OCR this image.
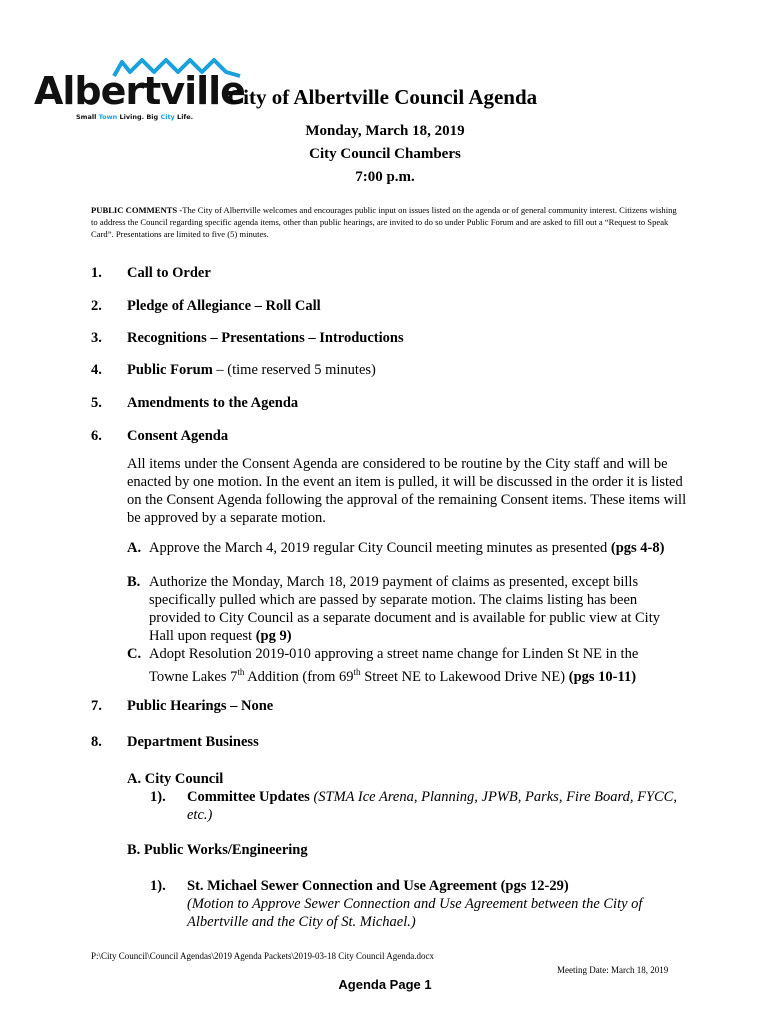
Albertville
Small Town Living. Big City Life.
City of Albertville Council Agenda
Monday, March 18, 2019
City Council Chambers
7:00 p.m.
PUBLIC COMMENTS -The City of Albertville welcomes and encourages public input on issues listed on the agenda or of general community interest. Citizens wishing to address the Council regarding specific agenda items, other than public hearings, are invited to do so under Public Forum and are asked to fill out a “Request to Speak Card”. Presentations are limited to five (5) minutes.
1. Call to Order
2. Pledge of Allegiance – Roll Call
3. Recognitions – Presentations – Introductions
4. Public Forum – (time reserved 5 minutes)
5. Amendments to the Agenda
6. Consent Agenda
All items under the Consent Agenda are considered to be routine by the City staff and will be enacted by one motion. In the event an item is pulled, it will be discussed in the order it is listed on the Consent Agenda following the approval of the remaining Consent items. These items will be approved by a separate motion.
A. Approve the March 4, 2019 regular City Council meeting minutes as presented (pgs 4-8)
B. Authorize the Monday, March 18, 2019 payment of claims as presented, except bills specifically pulled which are passed by separate motion. The claims listing has been provided to City Council as a separate document and is available for public view at City Hall upon request (pg 9)
C. Adopt Resolution 2019-010 approving a street name change for Linden St NE in the Towne Lakes 7th Addition (from 69th Street NE to Lakewood Drive NE) (pgs 10-11)
7. Public Hearings – None
8. Department Business
A. City Council
1). Committee Updates (STMA Ice Arena, Planning, JPWB, Parks, Fire Board, FYCC, etc.)
B. Public Works/Engineering
1). St. Michael Sewer Connection and Use Agreement (pgs 12-29)
(Motion to Approve Sewer Connection and Use Agreement between the City of Albertville and the City of St. Michael.)
P:\City Council\Council Agendas\2019 Agenda Packets\2019-03-18 City Council Agenda.docx
Meeting Date: March 18, 2019
Agenda Page 1
